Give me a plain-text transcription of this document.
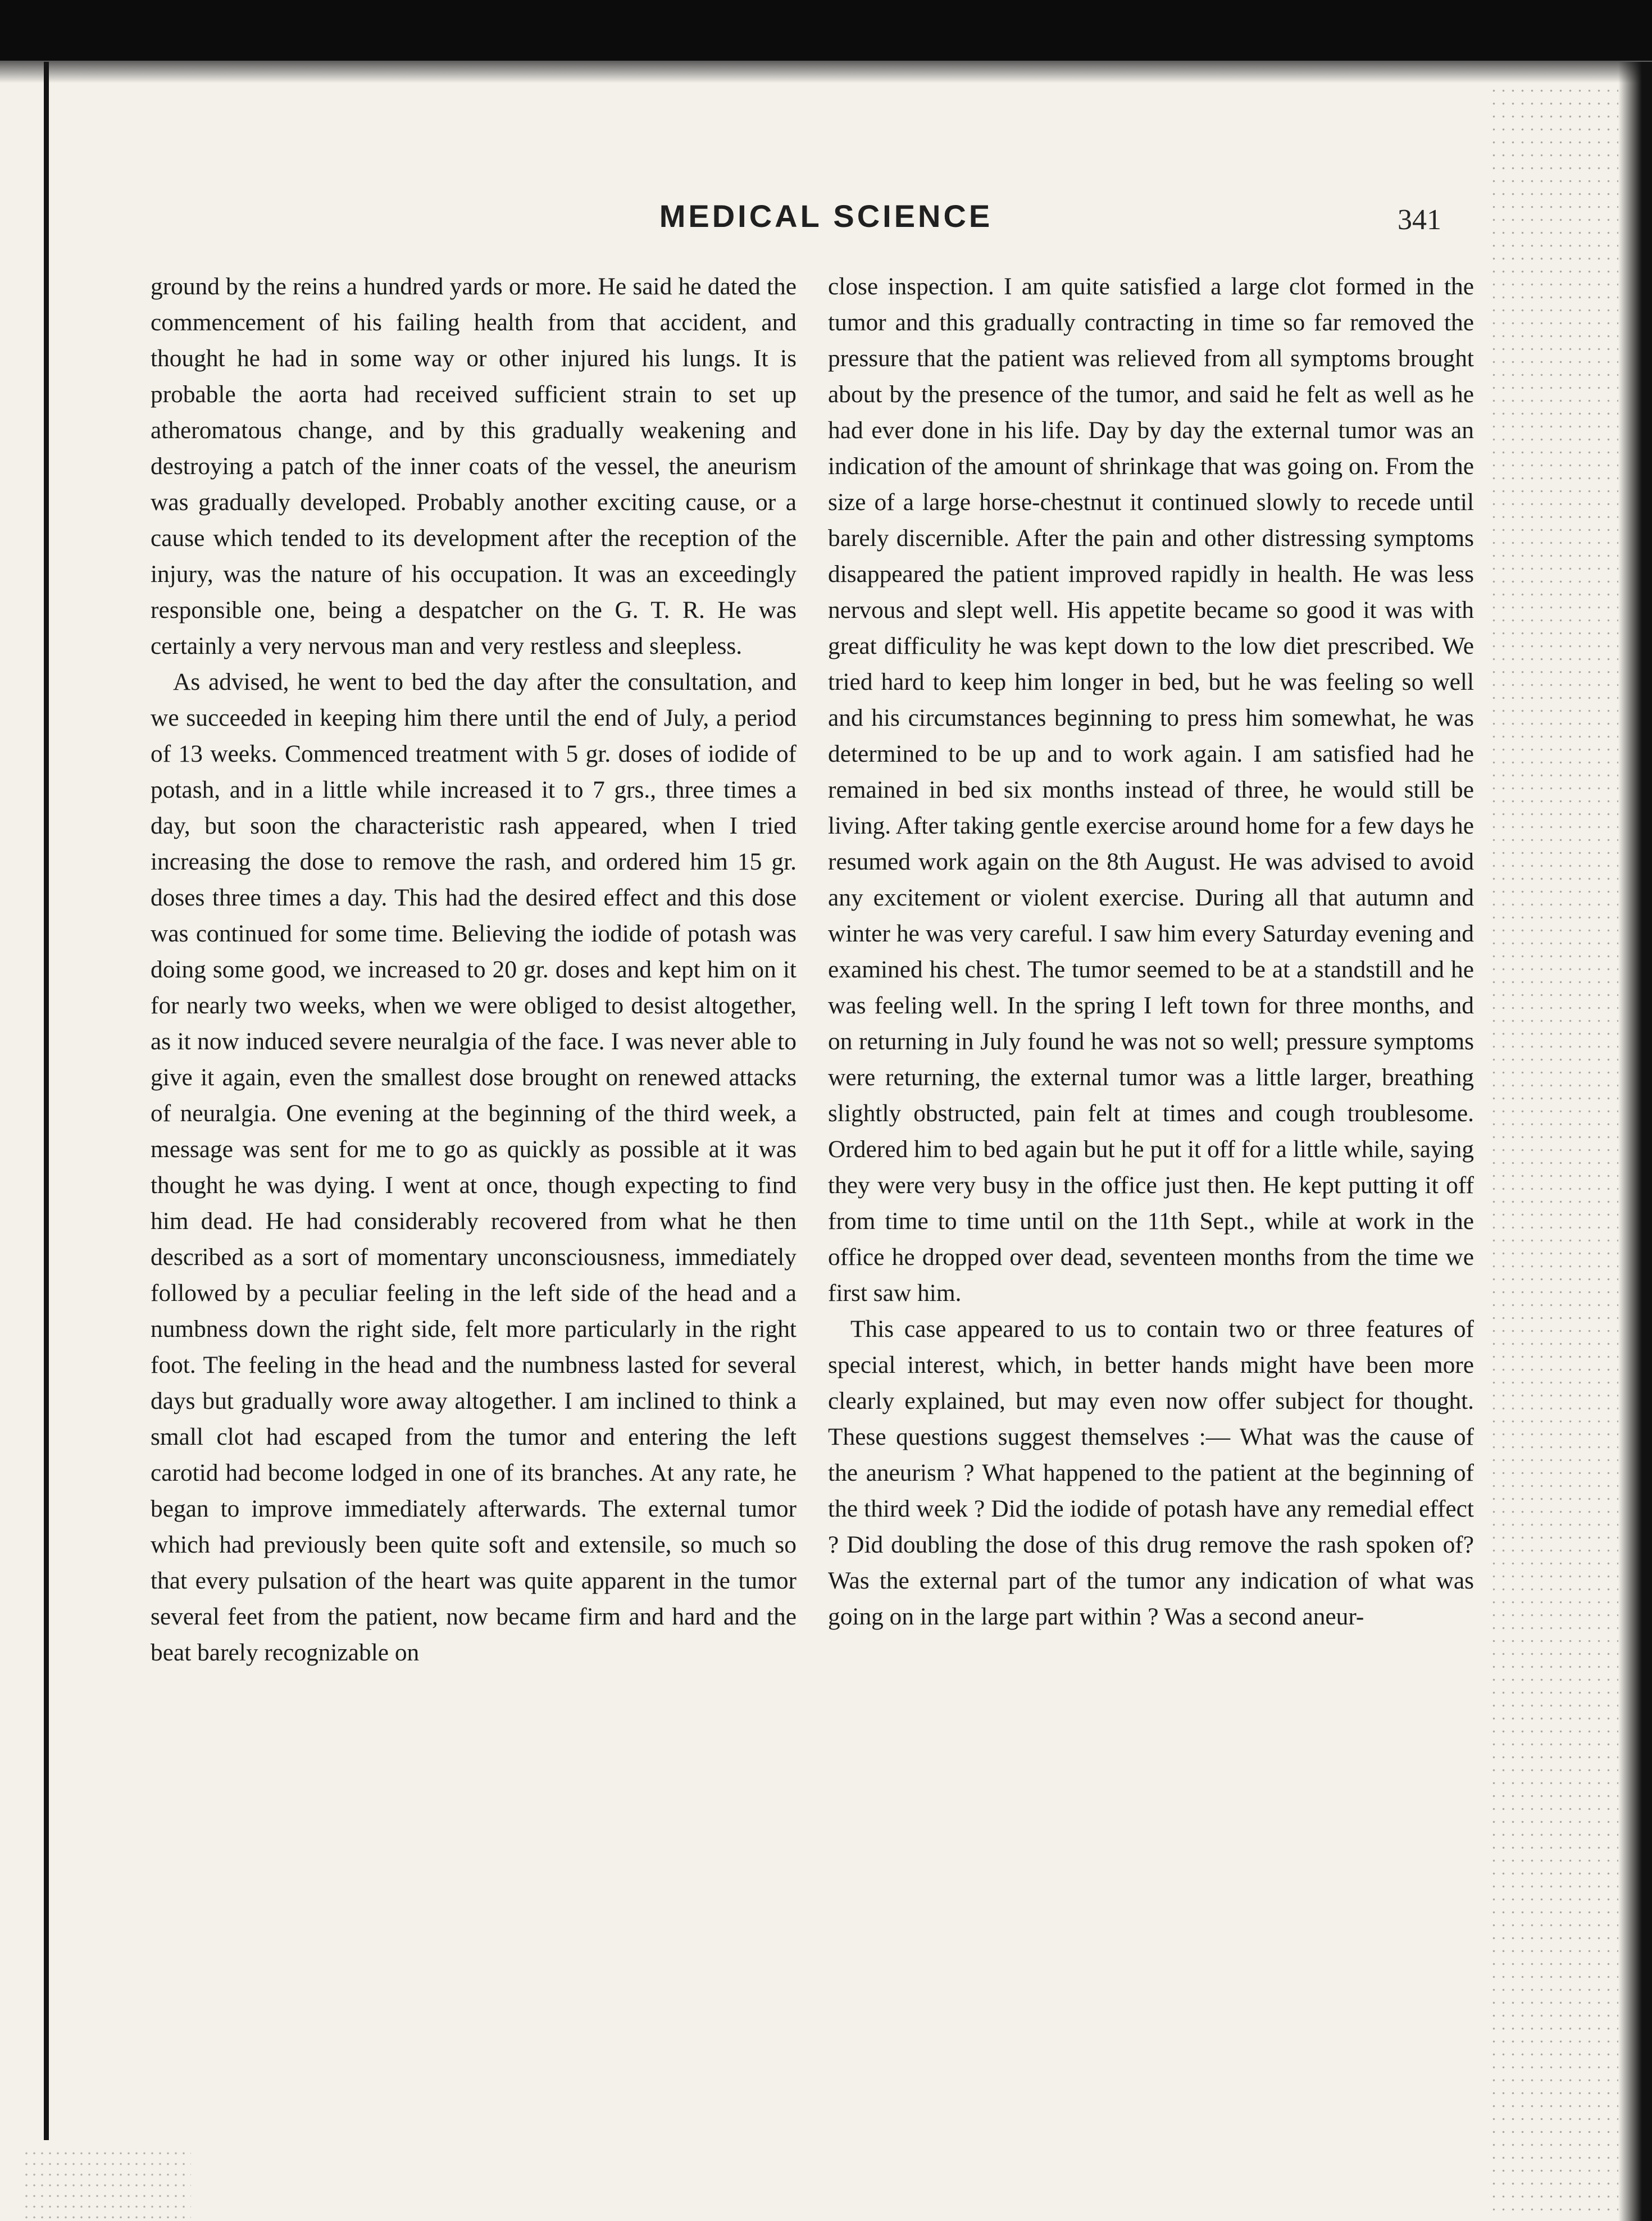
MEDICAL SCIENCE	341

ground by the reins a hundred yards or more. He said he dated the commencement of his failing health from that accident, and thought he had in some way or other injured his lungs. It is probable the aorta had received sufficient strain to set up atheromatous change, and by this gradually weakening and destroying a patch of the inner coats of the vessel, the aneurism was gradually developed. Probably another exciting cause, or a cause which tended to its development after the reception of the injury, was the nature of his occupation. It was an exceedingly responsible one, being a despatcher on the G. T. R. He was certainly a very nervous man and very restless and sleepless.

As advised, he went to bed the day after the consultation, and we succeeded in keeping him there until the end of July, a period of 13 weeks. Commenced treatment with 5 gr. doses of iodide of potash, and in a little while increased it to 7 grs., three times a day, but soon the characteristic rash appeared, when I tried increasing the dose to remove the rash, and ordered him 15 gr. doses three times a day. This had the desired effect and this dose was continued for some time. Believing the iodide of potash was doing some good, we increased to 20 gr. doses and kept him on it for nearly two weeks, when we were obliged to desist altogether, as it now induced severe neuralgia of the face. I was never able to give it again, even the smallest dose brought on renewed attacks of neuralgia. One evening at the beginning of the third week, a message was sent for me to go as quickly as possible at it was thought he was dying. I went at once, though expecting to find him dead. He had considerably recovered from what he then described as a sort of momentary unconsciousness, immediately followed by a peculiar feeling in the left side of the head and a numbness down the right side, felt more particularly in the right foot. The feeling in the head and the numbness lasted for several days but gradually wore away altogether. I am inclined to think a small clot had escaped from the tumor and entering the left carotid had become lodged in one of its branches. At any rate, he began to improve immediately afterwards. The external tumor which had previously been quite soft and extensile, so much so that every pulsation of the heart was quite apparent in the tumor several feet from the patient, now became firm and hard and the beat barely recognizable on

close inspection. I am quite satisfied a large clot formed in the tumor and this gradually contracting in time so far removed the pressure that the patient was relieved from all symptoms brought about by the presence of the tumor, and said he felt as well as he had ever done in his life. Day by day the external tumor was an indication of the amount of shrinkage that was going on. From the size of a large horse-chestnut it continued slowly to recede until barely discernible. After the pain and other distressing symptoms disappeared the patient improved rapidly in health. He was less nervous and slept well. His appetite became so good it was with great difficulity he was kept down to the low diet prescribed. We tried hard to keep him longer in bed, but he was feeling so well and his circumstances beginning to press him somewhat, he was determined to be up and to work again. I am satisfied had he remained in bed six months instead of three, he would still be living. After taking gentle exercise around home for a few days he resumed work again on the 8th August. He was advised to avoid any excitement or violent exercise. During all that autumn and winter he was very careful. I saw him every Saturday evening and examined his chest. The tumor seemed to be at a standstill and he was feeling well. In the spring I left town for three months, and on returning in July found he was not so well; pressure symptoms were returning, the external tumor was a little larger, breathing slightly obstructed, pain felt at times and cough troublesome. Ordered him to bed again but he put it off for a little while, saying they were very busy in the office just then. He kept putting it off from time to time until on the 11th Sept., while at work in the office he dropped over dead, seventeen months from the time we first saw him.

This case appeared to us to contain two or three features of special interest, which, in better hands might have been more clearly explained, but may even now offer subject for thought. These questions suggest themselves :— What was the cause of the aneurism ? What happened to the patient at the beginning of the third week ? Did the iodide of potash have any remedial effect ? Did doubling the dose of this drug remove the rash spoken of? Was the external part of the tumor any indication of what was going on in the large part within ? Was a second aneur-
